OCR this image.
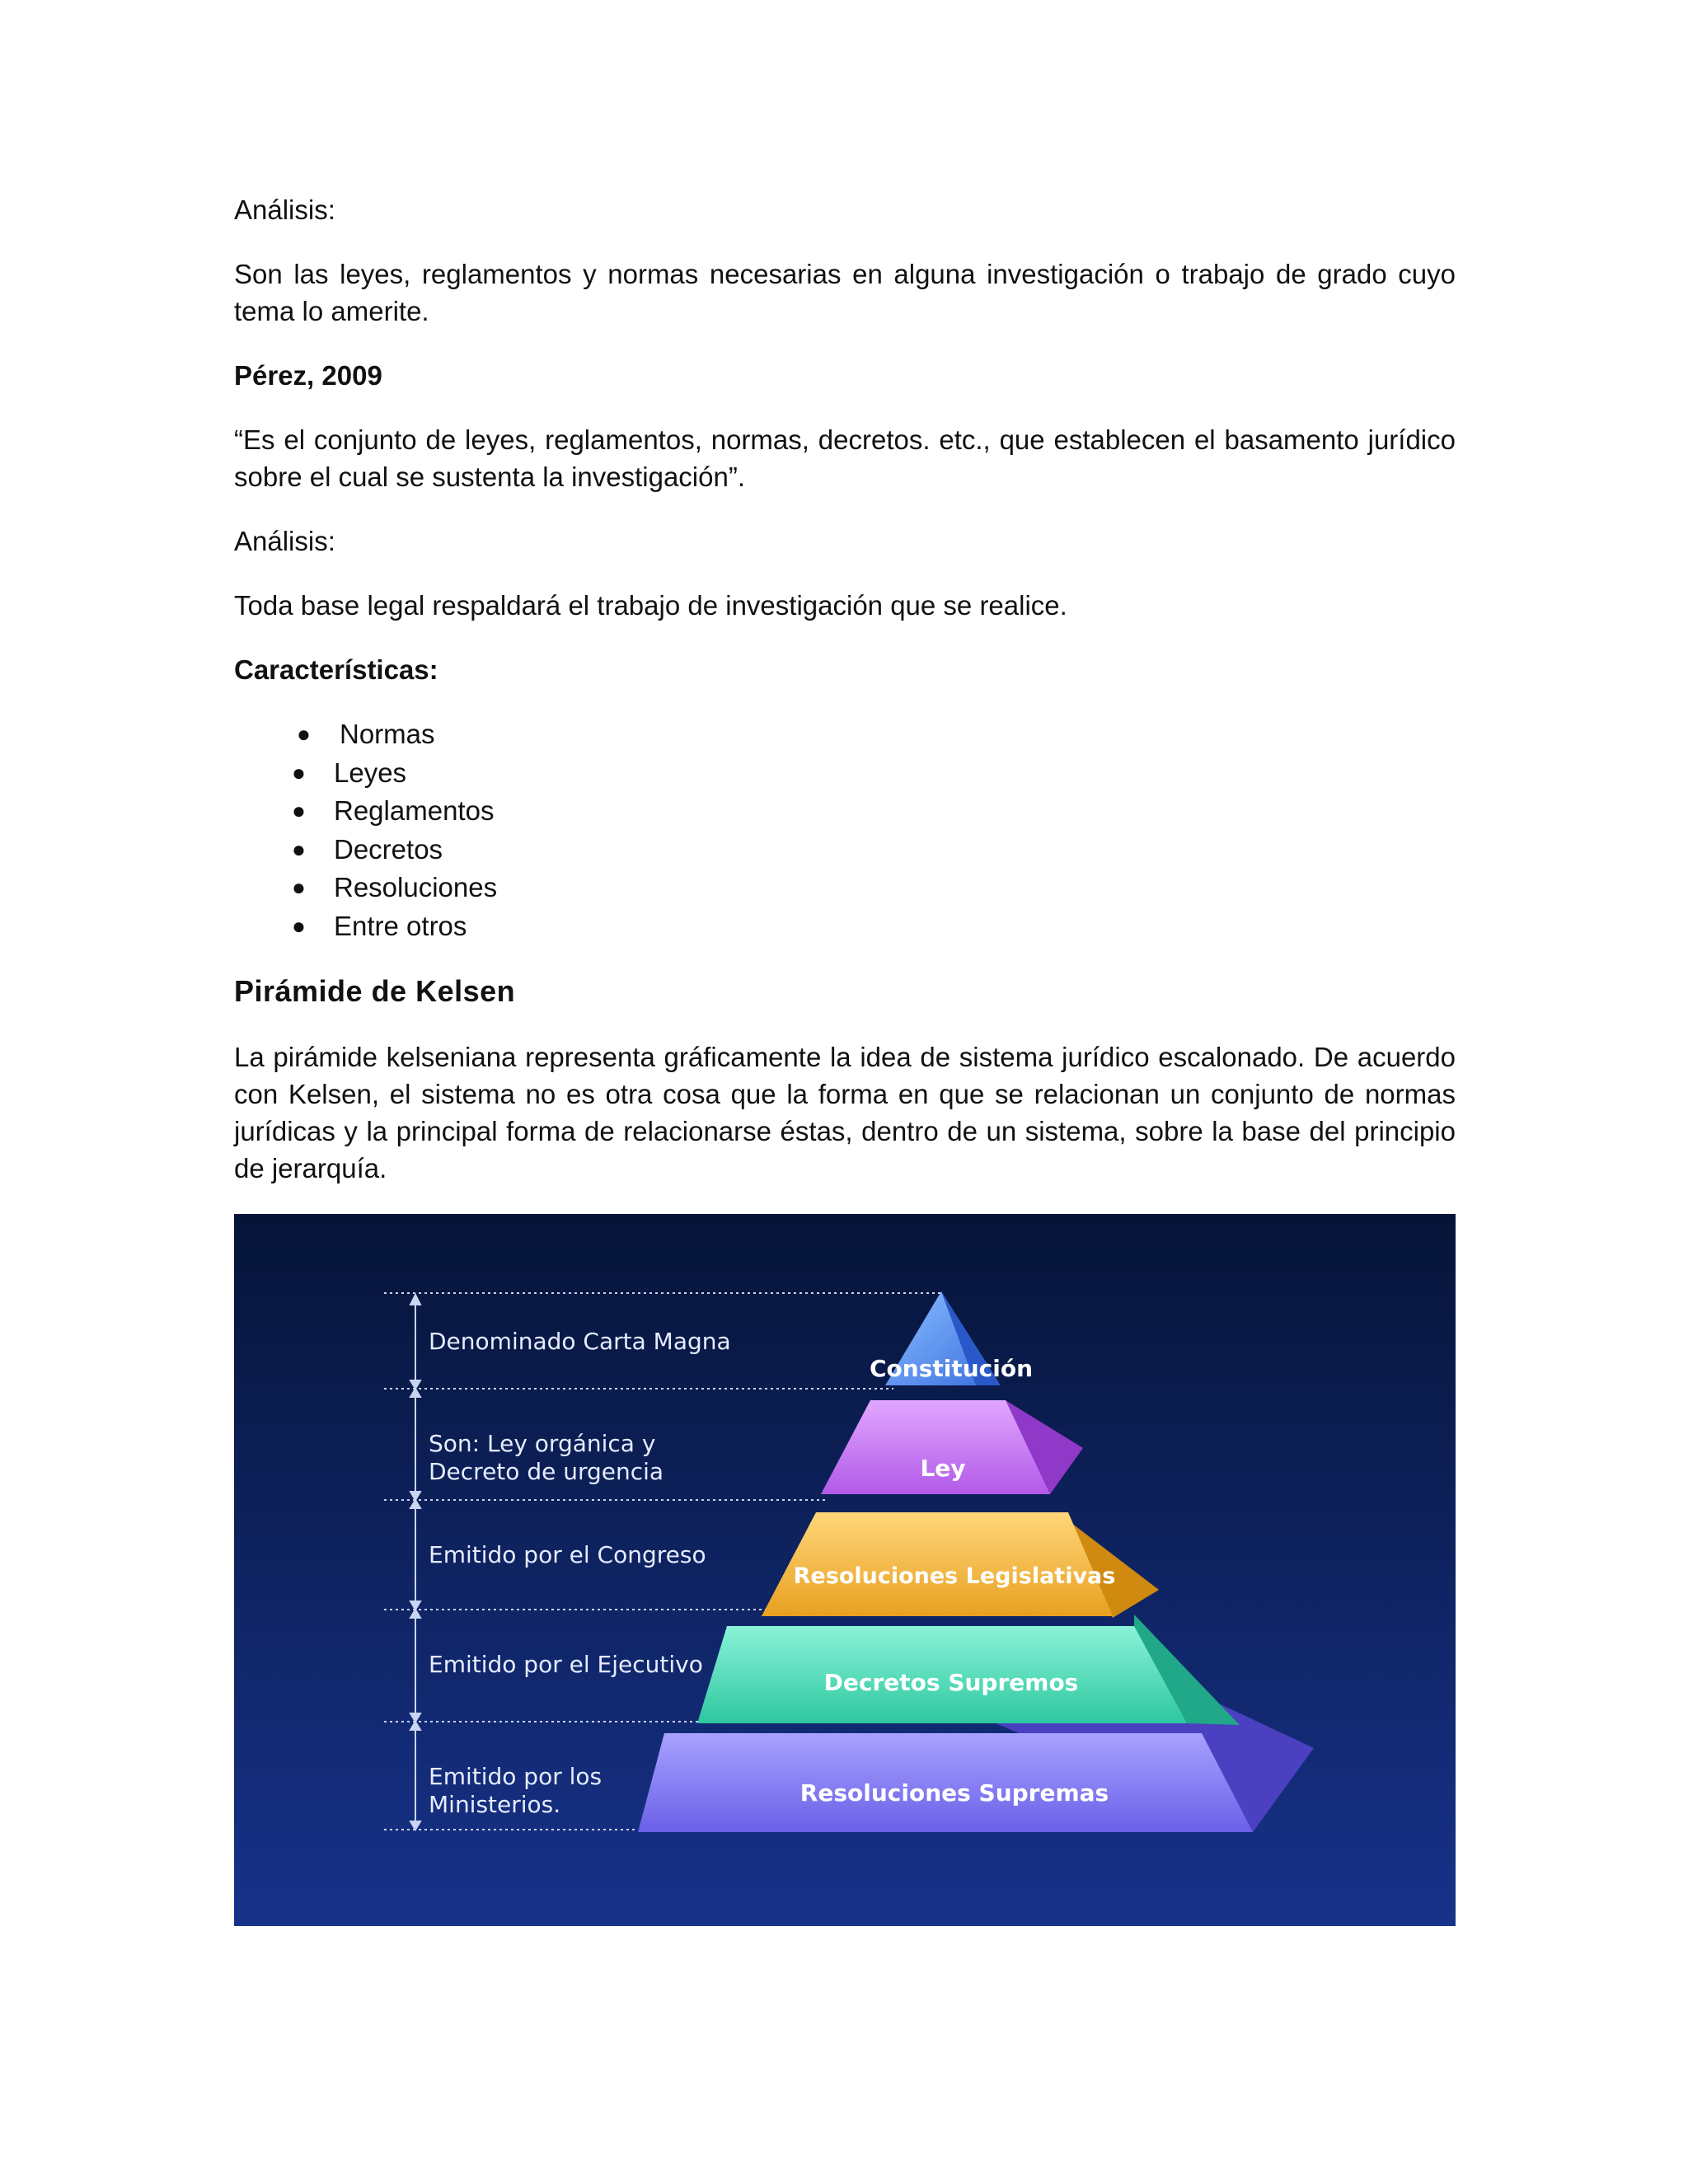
Análisis:

Son las leyes, reglamentos y normas necesarias en alguna investigación o trabajo de grado cuyo tema lo amerite.

Pérez, 2009

“Es el conjunto de leyes, reglamentos, normas, decretos. etc., que establecen el basamento jurídico sobre el cual se sustenta la investigación”.

Análisis:

Toda base legal respaldará el trabajo de investigación que se realice.

Características:

● Normas
● Leyes
● Reglamentos
● Decretos
● Resoluciones
● Entre otros

Pirámide de Kelsen

La pirámide kelseniana representa gráficamente la idea de sistema jurídico escalonado. De acuerdo con Kelsen, el sistema no es otra cosa que la forma en que se relacionan un conjunto de normas jurídicas y la principal forma de relacionarse éstas, dentro de un sistema, sobre la base del principio de jerarquía.

Constitución
Ley
Resoluciones Legislativas
Decretos Supremos
Resoluciones Supremas
Denominado Carta Magna
Son: Ley orgánica y
Decreto de urgencia
Emitido por el Congreso
Emitido por el Ejecutivo
Emitido por los
Ministerios.
